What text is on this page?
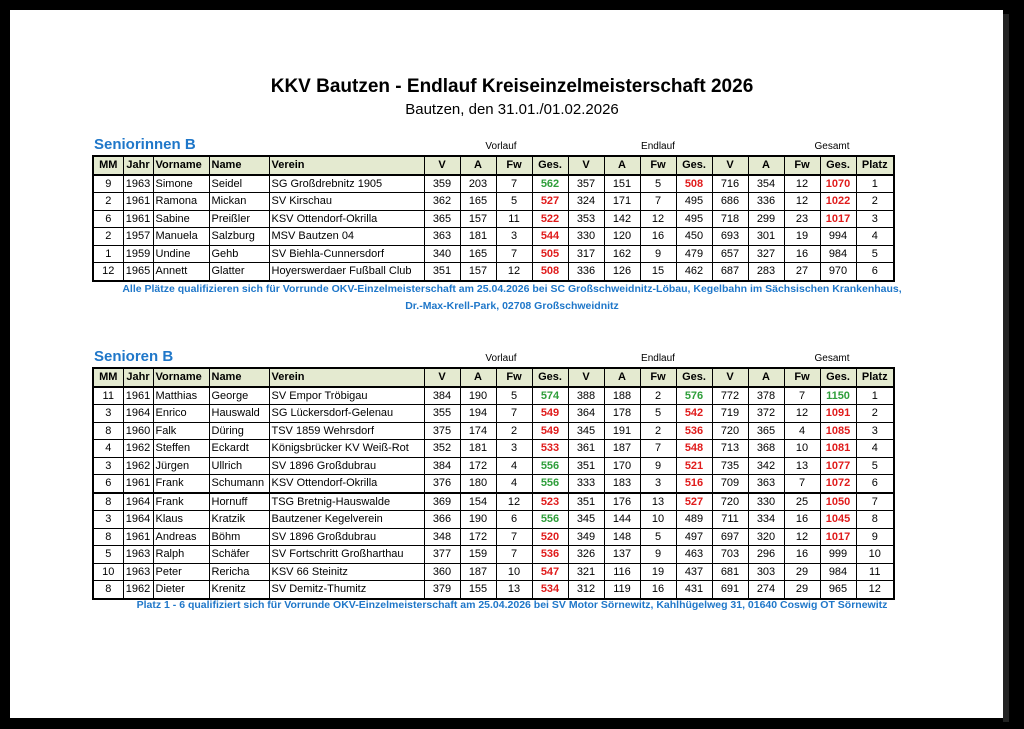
KKV Bautzen - Endlauf Kreiseinzelmeisterschaft 2026
Bautzen, den 31.01./01.02.2026
Seniorinnen B	Vorlauf	Endlauf	Gesamt
MM	Jahr	Vorname	Name	Verein	V	A	Fw	Ges.	V	A	Fw	Ges.	V	A	Fw	Ges.	Platz
9	1963	Simone	Seidel	SG Großdrebnitz 1905	359	203	7	562	357	151	5	508	716	354	12	1070	1
2	1961	Ramona	Mickan	SV Kirschau	362	165	5	527	324	171	7	495	686	336	12	1022	2
6	1961	Sabine	Preißler	KSV Ottendorf-Okrilla	365	157	11	522	353	142	12	495	718	299	23	1017	3
2	1957	Manuela	Salzburg	MSV Bautzen 04	363	181	3	544	330	120	16	450	693	301	19	994	4
1	1959	Undine	Gehb	SV Biehla-Cunnersdorf	340	165	7	505	317	162	9	479	657	327	16	984	5
12	1965	Annett	Glatter	Hoyerswerdaer Fußball Club	351	157	12	508	336	126	15	462	687	283	27	970	6
Alle Plätze qualifizieren sich für Vorrunde OKV-Einzelmeisterschaft am 25.04.2026 bei SC Großschweidnitz-Löbau, Kegelbahn im Sächsischen Krankenhaus,
Dr.-Max-Krell-Park, 02708 Großschweidnitz
Senioren B	Vorlauf	Endlauf	Gesamt
MM	Jahr	Vorname	Name	Verein	V	A	Fw	Ges.	V	A	Fw	Ges.	V	A	Fw	Ges.	Platz
11	1961	Matthias	George	SV Empor Tröbigau	384	190	5	574	388	188	2	576	772	378	7	1150	1
3	1964	Enrico	Hauswald	SG Lückersdorf-Gelenau	355	194	7	549	364	178	5	542	719	372	12	1091	2
8	1960	Falk	Düring	TSV 1859 Wehrsdorf	375	174	2	549	345	191	2	536	720	365	4	1085	3
4	1962	Steffen	Eckardt	Königsbrücker KV Weiß-Rot	352	181	3	533	361	187	7	548	713	368	10	1081	4
3	1962	Jürgen	Ullrich	SV 1896 Großdubrau	384	172	4	556	351	170	9	521	735	342	13	1077	5
6	1961	Frank	Schumann	KSV Ottendorf-Okrilla	376	180	4	556	333	183	3	516	709	363	7	1072	6
8	1964	Frank	Hornuff	TSG Bretnig-Hauswalde	369	154	12	523	351	176	13	527	720	330	25	1050	7
3	1964	Klaus	Kratzik	Bautzener Kegelverein	366	190	6	556	345	144	10	489	711	334	16	1045	8
8	1961	Andreas	Böhm	SV 1896 Großdubrau	348	172	7	520	349	148	5	497	697	320	12	1017	9
5	1963	Ralph	Schäfer	SV Fortschritt Großharthau	377	159	7	536	326	137	9	463	703	296	16	999	10
10	1963	Peter	Rericha	KSV 66 Steinitz	360	187	10	547	321	116	19	437	681	303	29	984	11
8	1962	Dieter	Krenitz	SV Demitz-Thumitz	379	155	13	534	312	119	16	431	691	274	29	965	12
Platz 1 - 6 qualifiziert sich für Vorrunde OKV-Einzelmeisterschaft am 25.04.2026 bei SV Motor Sörnewitz, Kahlhügelweg 31, 01640 Coswig OT Sörnewitz
